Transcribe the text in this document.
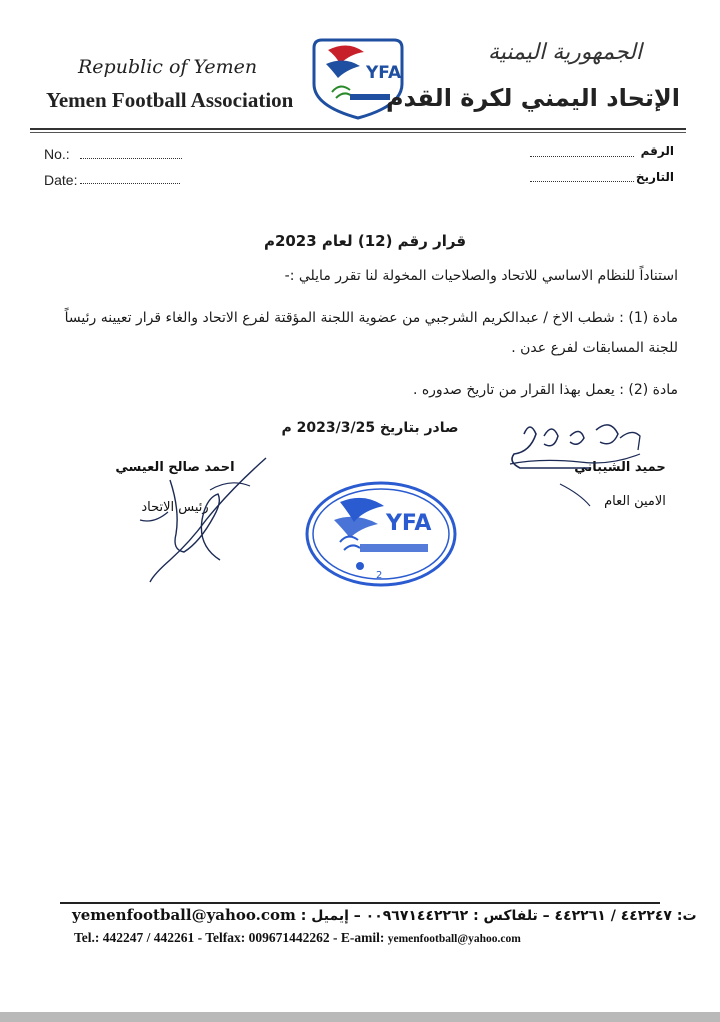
Republic of Yemen
Yemen Football Association
YFA
الجمهورية اليمنية
الإتحاد اليمني لكرة القدم
No.:
Date:
الرقم
التاريخ
قرار رقم (12) لعام 2023م
استناداً للنظام الاساسي للاتحاد والصلاحيات المخولة لنا تقرر مايلي :-
مادة (1) : شطب الاخ / عبدالكريم الشرجبي من عضوية اللجنة المؤقتة لفرع الاتحاد والغاء قرار تعيينه رئيساً
للجنة المسابقات لفرع عدن .
مادة (2) : يعمل بهذا القرار من تاريخ صدوره .
صادر بتاريخ 2023/3/25 م
احمد صالح العيسي
رئيس الاتحاد
حميد الشيباني
الامين العام
YFA
2
yemenfootball@yahoo.com ت: ٤٤٢٢٤٧ / ٤٤٢٢٦١ – تلفاكس : ٠٠٩٦٧١٤٤٢٢٦٢ – إيميل :
Tel.: 442247 / 442261 - Telfax: 009671442262 - E-amil: yemenfootball@yahoo.com
